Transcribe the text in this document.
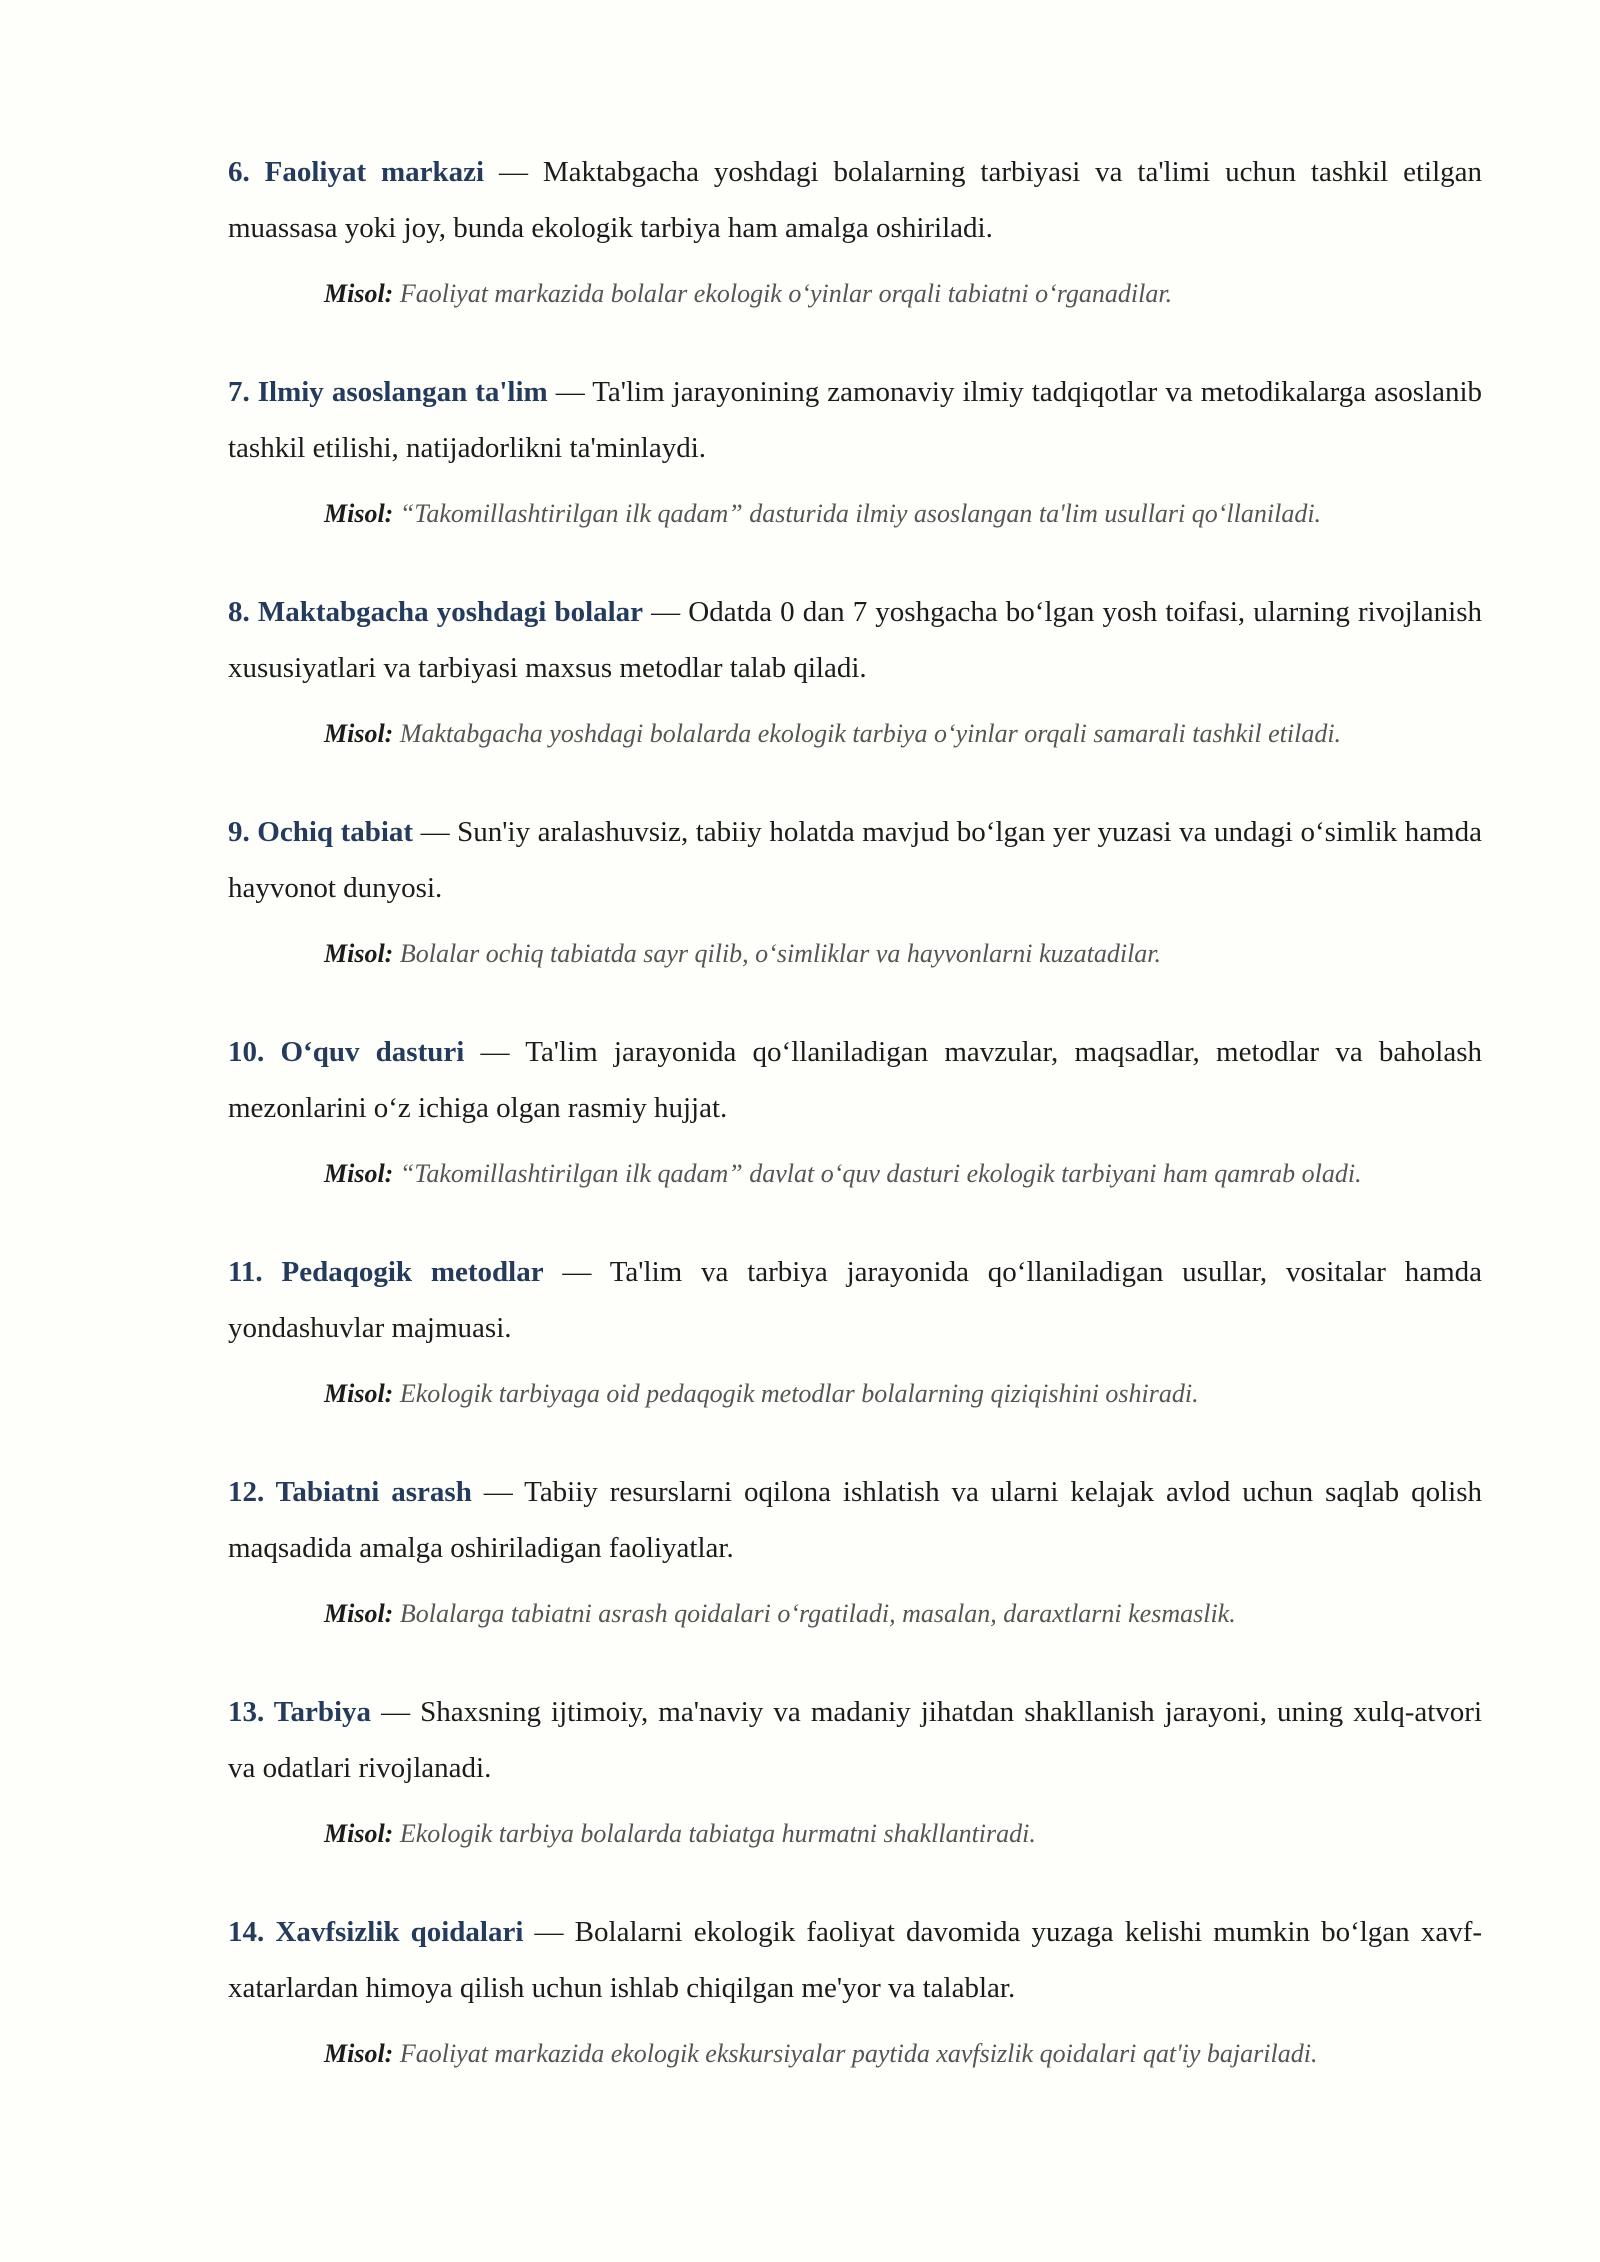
6. Faoliyat markazi — Maktabgacha yoshdagi bolalarning tarbiyasi va ta'limi uchun tashkil etilgan muassasa yoki joy, bunda ekologik tarbiya ham amalga oshiriladi.

Misol: Faoliyat markazida bolalar ekologik o‘yinlar orqali tabiatni o‘rganadilar.

7. Ilmiy asoslangan ta'lim — Ta'lim jarayonining zamonaviy ilmiy tadqiqotlar va metodikalarga asoslanib tashkil etilishi, natijadorlikni ta'minlaydi.

Misol: “Takomillashtirilgan ilk qadam” dasturida ilmiy asoslangan ta'lim usullari qo‘llaniladi.

8. Maktabgacha yoshdagi bolalar — Odatda 0 dan 7 yoshgacha bo‘lgan yosh toifasi, ularning rivojlanish xususiyatlari va tarbiyasi maxsus metodlar talab qiladi.

Misol: Maktabgacha yoshdagi bolalarda ekologik tarbiya o‘yinlar orqali samarali tashkil etiladi.

9. Ochiq tabiat — Sun'iy aralashuvsiz, tabiiy holatda mavjud bo‘lgan yer yuzasi va undagi o‘simlik hamda hayvonot dunyosi.

Misol: Bolalar ochiq tabiatda sayr qilib, o‘simliklar va hayvonlarni kuzatadilar.

10. O‘quv dasturi — Ta'lim jarayonida qo‘llaniladigan mavzular, maqsadlar, metodlar va baholash mezonlarini o‘z ichiga olgan rasmiy hujjat.

Misol: “Takomillashtirilgan ilk qadam” davlat o‘quv dasturi ekologik tarbiyani ham qamrab oladi.

11. Pedaqogik metodlar — Ta'lim va tarbiya jarayonida qo‘llaniladigan usullar, vositalar hamda yondashuvlar majmuasi.

Misol: Ekologik tarbiyaga oid pedaqogik metodlar bolalarning qiziqishini oshiradi.

12. Tabiatni asrash — Tabiiy resurslarni oqilona ishlatish va ularni kelajak avlod uchun saqlab qolish maqsadida amalga oshiriladigan faoliyatlar.

Misol: Bolalarga tabiatni asrash qoidalari o‘rgatiladi, masalan, daraxtlarni kesmaslik.

13. Tarbiya — Shaxsning ijtimoiy, ma'naviy va madaniy jihatdan shakllanish jarayoni, uning xulq-atvori va odatlari rivojlanadi.

Misol: Ekologik tarbiya bolalarda tabiatga hurmatni shakllantiradi.

14. Xavfsizlik qoidalari — Bolalarni ekologik faoliyat davomida yuzaga kelishi mumkin bo‘lgan xavf-xatarlardan himoya qilish uchun ishlab chiqilgan me'yor va talablar.

Misol: Faoliyat markazida ekologik ekskursiyalar paytida xavfsizlik qoidalari qat'iy bajariladi.
